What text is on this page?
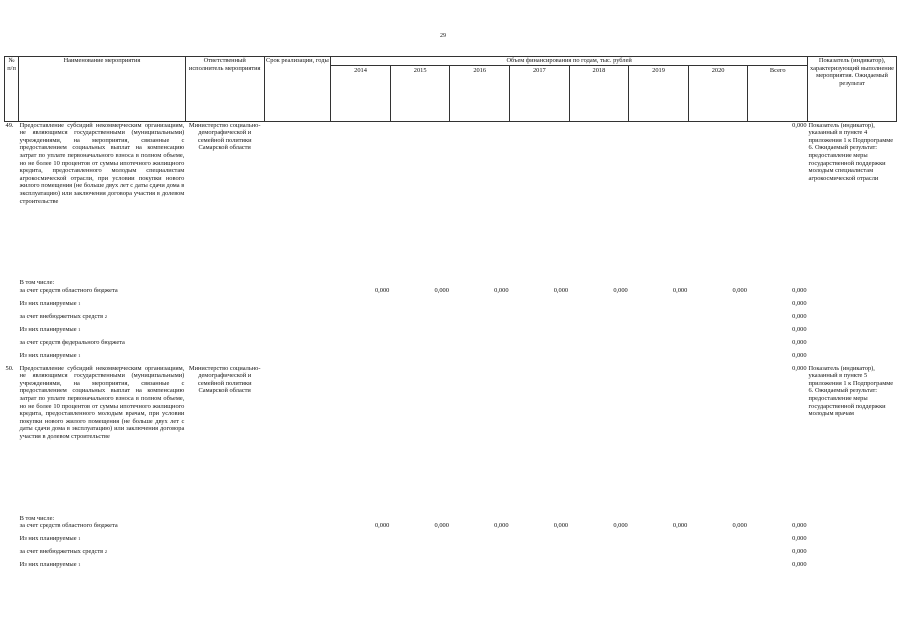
29
№ п/п	Наименование мероприятия	Ответственный исполнитель мероприятия	Срок реализации, годы	Объем финансирования по годам, тыс. рублей								Показатель (индикатор), характеризующий выполнение мероприятия. Ожидаемый результат
				2014	2015	2016	2017	2018	2019	2020	Всего	
49.	Предоставление субсидий некоммерческим организациям, не являющимся государственными (муниципальными) учреждениями, на мероприятия, связанные с предоставлением социальных выплат на компенсацию затрат по уплате первоначального взноса в полном объеме, но не более 10 процентов от суммы ипотечного жилищного кредита, предоставленного молодым специалистам агрокосмической отрасли, при условии покупки нового жилого помещения (не больше двух лет с даты сдачи дома в эксплуатацию) или заключения договора участия в долевом строительстве	Министерство социально-демографической и семейной политики Самарской области									0,000	Показатель (индикатор), указанный в пункте 4 приложения 1 к Подпрограмме 6. Ожидаемый результат: предоставление меры государственной поддержки молодым специалистам агрокосмической отрасли
	В том числе:											
	за счет средств областного бюджета			0,000	0,000	0,000	0,000	0,000	0,000	0,000	0,000	
	Из них планируемые $^1$										0,000	
	за счет внебюджетных средств $^2$										0,000	
	Из них планируемые $^1$										0,000	
	за счет средств федерального бюджета										0,000	
	Из них планируемые $^1$										0,000	
50.	Предоставление субсидий некоммерческим организациям, не являющимся государственными (муниципальными) учреждениями, на мероприятия, связанные с предоставлением социальных выплат на компенсацию затрат по уплате первоначального взноса в полном объеме, но не более 10 процентов от суммы ипотечного жилищного кредита, предоставленного молодым врачам, при условии покупки нового жилого помещения (не больше двух лет с даты сдачи дома в эксплуатацию) или заключения договора участия в долевом строительстве	Министерство социально-демографической и семейной политики Самарской области									0,000	Показатель (индикатор), указанный в пункте 5 приложения 1 к Подпрограмме 6. Ожидаемый результат: предоставление меры государственной поддержки молодым врачам
	В том числе:											
	за счет средств областного бюджета			0,000	0,000	0,000	0,000	0,000	0,000	0,000	0,000	
	Из них планируемые $^1$										0,000	
	за счет внебюджетных средств $^2$										0,000	
	Из них планируемые $^1$										0,000	
